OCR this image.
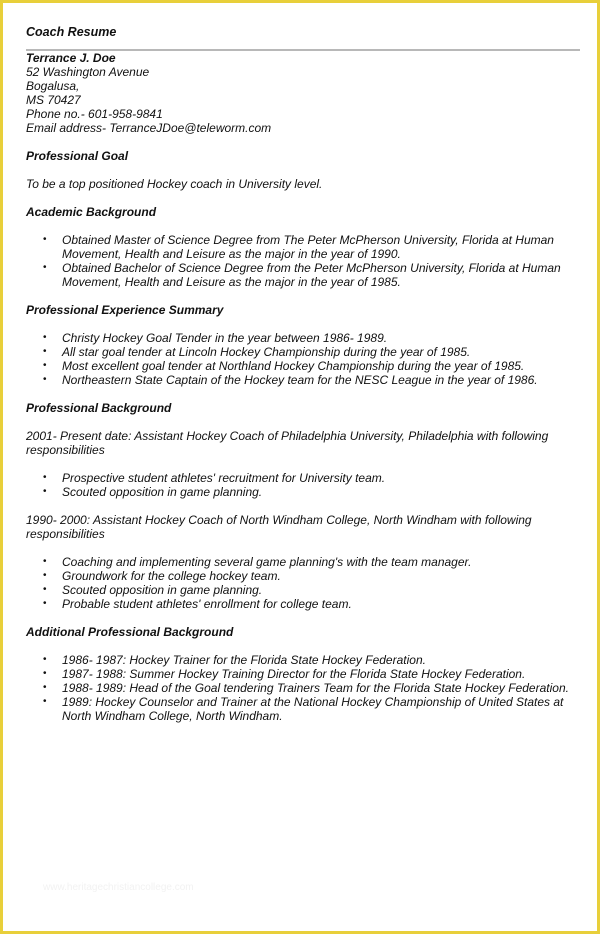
Coach Resume
Terrance J. Doe
52 Washington Avenue
Bogalusa,
MS 70427
Phone no.- 601-958-9841
Email address- TerranceJDoe@teleworm.com
Professional Goal

To be a top positioned Hockey coach in University level.

Academic Background
• Obtained Master of Science Degree from The Peter McPherson University, Florida at Human Movement, Health and Leisure as the major in the year of 1990.
• Obtained Bachelor of Science Degree from the Peter McPherson University, Florida at Human Movement, Health and Leisure as the major in the year of 1985.
Professional Experience Summary
• Christy Hockey Goal Tender in the year between 1986- 1989.
• All star goal tender at Lincoln Hockey Championship during the year of 1985.
• Most excellent goal tender at Northland Hockey Championship during the year of 1985.
• Northeastern State Captain of the Hockey team for the NESC League in the year of 1986.
Professional Background

2001- Present date: Assistant Hockey Coach of Philadelphia University, Philadelphia with following responsibilities

• Prospective student athletes' recruitment for University team.
• Scouted opposition in game planning.

1990- 2000: Assistant Hockey Coach of North Windham College, North Windham with following responsibilities

• Coaching and implementing several game planning's with the team manager.
• Groundwork for the college hockey team.
• Scouted opposition in game planning.
• Probable student athletes' enrollment for college team.
Additional Professional Background
• 1986- 1987: Hockey Trainer for the Florida State Hockey Federation.
• 1987- 1988: Summer Hockey Training Director for the Florida State Hockey Federation.
• 1988- 1989: Head of the Goal tendering Trainers Team for the Florida State Hockey Federation.
• 1989: Hockey Counselor and Trainer at the National Hockey Championship of United States at North Windham College, North Windham.
www.heritagechristiancollege.com
